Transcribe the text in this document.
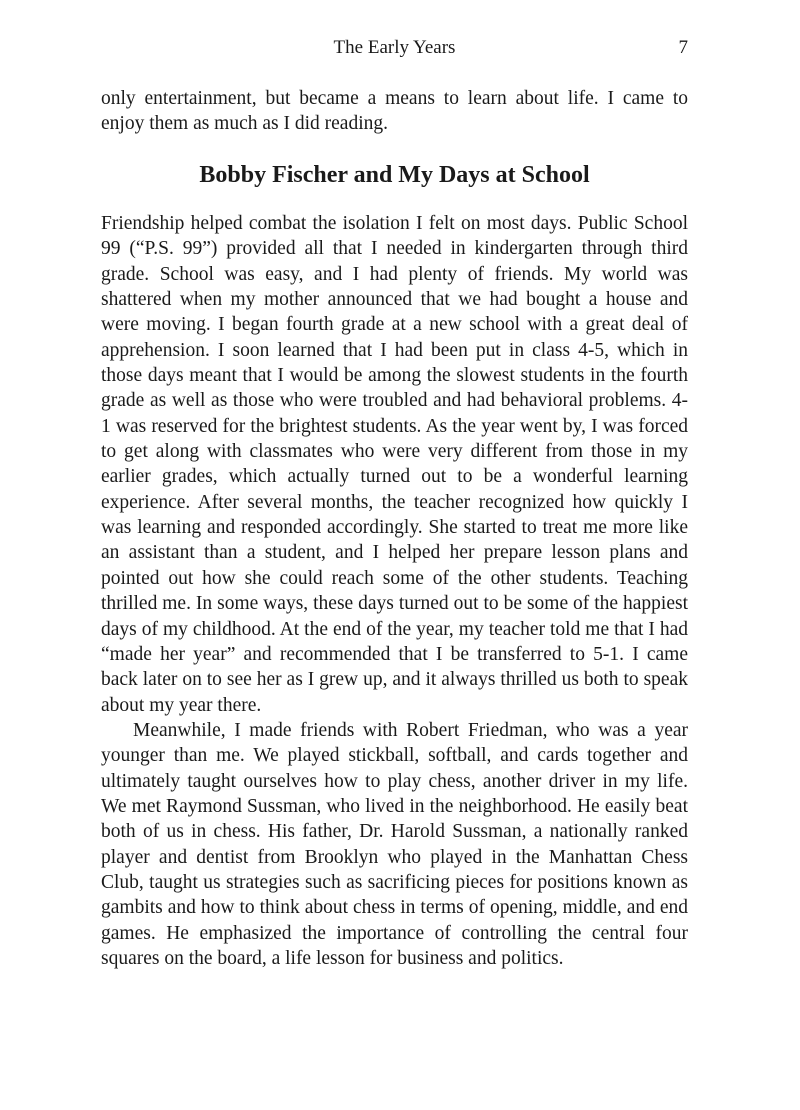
The Early Years	7

only entertainment, but became a means to learn about life. I came to enjoy them as much as I did reading.

Bobby Fischer and My Days at School

Friendship helped combat the isolation I felt on most days. Public School 99 (“P.S. 99”) provided all that I needed in kindergarten through third grade. School was easy, and I had plenty of friends. My world was shattered when my mother announced that we had bought a house and were moving. I began fourth grade at a new school with a great deal of apprehension. I soon learned that I had been put in class 4-5, which in those days meant that I would be among the slowest students in the fourth grade as well as those who were troubled and had behavioral problems. 4-1 was reserved for the brightest students. As the year went by, I was forced to get along with classmates who were very different from those in my earlier grades, which actually turned out to be a wonderful learning experience. After several months, the teacher recognized how quickly I was learning and responded accordingly. She started to treat me more like an assistant than a student, and I helped her prepare lesson plans and pointed out how she could reach some of the other students. Teaching thrilled me. In some ways, these days turned out to be some of the happiest days of my childhood. At the end of the year, my teacher told me that I had “made her year” and recommended that I be transferred to 5-1. I came back later on to see her as I grew up, and it always thrilled us both to speak about my year there.

Meanwhile, I made friends with Robert Friedman, who was a year younger than me. We played stickball, softball, and cards together and ultimately taught ourselves how to play chess, another driver in my life. We met Raymond Sussman, who lived in the neighborhood. He easily beat both of us in chess. His father, Dr. Harold Sussman, a nationally ranked player and dentist from Brooklyn who played in the Manhattan Chess Club, taught us strategies such as sacrificing pieces for positions known as gambits and how to think about chess in terms of opening, middle, and end games. He emphasized the importance of controlling the central four squares on the board, a life lesson for business and politics.
